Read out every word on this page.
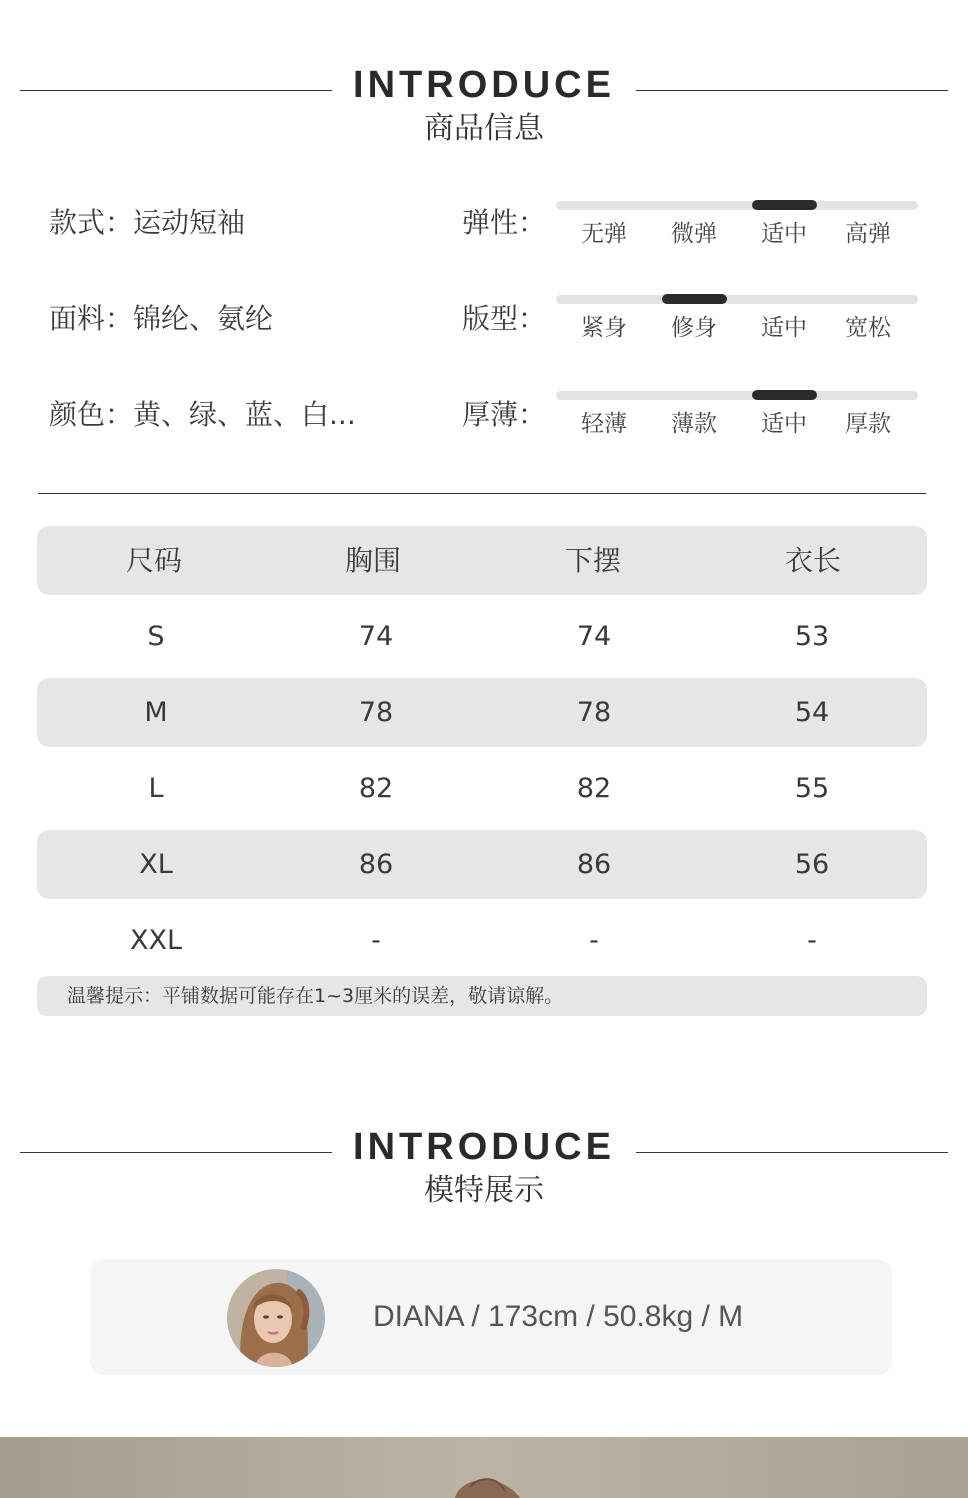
INTRODUCE
商品信息
款式：运动短袖
面料：锦纶、氨纶
颜色：黄、绿、蓝、白...
弹性：	无弹	微弹	适中	高弹
版型：	紧身	修身	适中	宽松
厚薄：	轻薄	薄款	适中	厚款
尺码	胸围	下摆	衣长
S	74	74	53
M	78	78	54
L	82	82	55
XL	86	86	56
XXL	-	-	-
温馨提示：平铺数据可能存在1~3厘米的误差，敬请谅解。
INTRODUCE
模特展示
DIANA / 173cm / 50.8kg / M
